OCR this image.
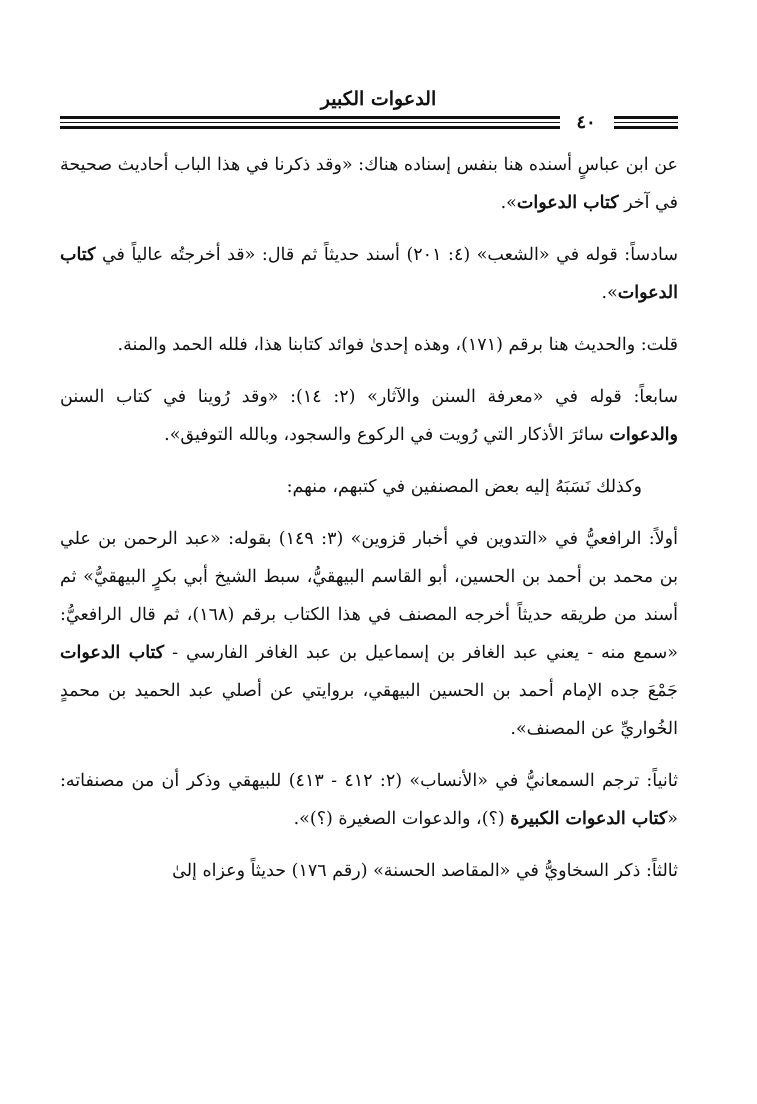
الدعوات الكبير
٤٠

عن ابن عباسٍ أسنده هنا بنفس إسناده هناك: «وقد ذكرنا في هذا الباب أحاديث صحيحة في آخر كتاب الدعوات».

سادساً: قوله في «الشعب» (٤: ٢٠١) أسند حديثاً ثم قال: «قد أخرجتُه عالياً في كتاب الدعوات».

قلت: والحديث هنا برقم (١٧١)، وهذه إحدىٰ فوائد كتابنا هذا، فلله الحمد والمنة.

سابعاً: قوله في «معرفة السنن والآثار» (٢: ١٤): «وقد رُوينا في كتاب السنن والدعوات سائرَ الأذكار التي رُويت في الركوع والسجود، وبالله التوفيق».

وكذلك نَسَبَهُ إليه بعض المصنفين في كتبهم، منهم:

أولاً: الرافعيُّ في «التدوين في أخبار قزوين» (٣: ١٤٩) بقوله: «عبد الرحمن بن علي بن محمد بن أحمد بن الحسين، أبو القاسم البيهقيُّ، سبط الشيخ أبي بكرٍ البيهقيُّ» ثم أسند من طريقه حديثاً أخرجه المصنف في هذا الكتاب برقم (١٦٨)، ثم قال الرافعيُّ: «سمع منه - يعني عبد الغافر بن إسماعيل بن عبد الغافر الفارسي - كتاب الدعوات جَمْعَ جده الإمام أحمد بن الحسين البيهقي، بروايتي عن أصلي عبد الحميد بن محمدٍ الخُواريِّ عن المصنف».

ثانياً: ترجم السمعانيُّ في «الأنساب» (٢: ٤١٢ - ٤١٣) للبيهقي وذكر أن من مصنفاته: «كتاب الدعوات الكبيرة (؟)، والدعوات الصغيرة (؟)».

ثالثاً: ذكر السخاويُّ في «المقاصد الحسنة» (رقم ١٧٦) حديثاً وعزاه إلىٰ
